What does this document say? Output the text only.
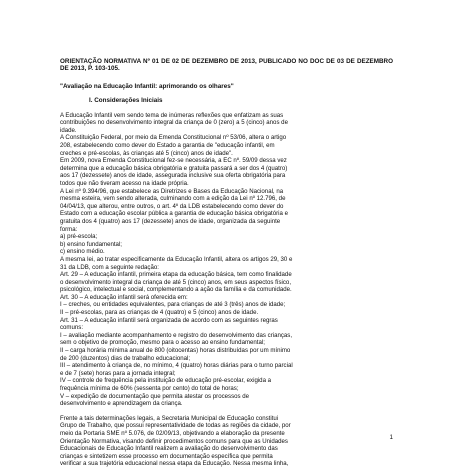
ORIENTAÇÃO NORMATIVA Nº 01 DE 02 DE DEZEMBRO DE 2013, PUBLICADO NO DOC DE 03 DE DEZEMBRO DE 2013, P. 103-105.
"Avaliação na Educação Infantil: aprimorando os olhares"
I. Considerações Iniciais
A Educação Infantil vem sendo tema de inúmeras reflexões que enfatizam as suas
contribuições no desenvolvimento integral da criança de 0 (zero) a 5 (cinco) anos de
idade.
A Constituição Federal, por meio da Emenda Constitucional nº 53/06, altera o artigo
208, estabelecendo como dever do Estado a garantia de "educação infantil, em
creches e pré-escolas, às crianças até 5 (cinco) anos de idade".
Em 2009, nova Emenda Constitucional fez-se necessária, a EC nº. 59/09 dessa vez
determina que a educação básica obrigatória e gratuita passará a ser dos 4 (quatro)
aos 17 (dezessete) anos de idade, assegurada inclusive sua oferta obrigatória para
todos que não tiveram acesso na idade própria.
A Lei nº 9.394/96, que estabelece as Diretrizes e Bases da Educação Nacional, na
mesma esteira, vem sendo alterada, culminando com a edição da Lei nº 12.796, de
04/04/13, que alterou, entre outros, o art. 4º da LDB estabelecendo como dever do
Estado com a educação escolar pública a garantia de educação básica obrigatória e
gratuita dos 4 (quatro) aos 17 (dezessete) anos de idade, organizada da seguinte
forma:
a) pré-escola;
b) ensino fundamental;
c) ensino médio.
A mesma lei, ao tratar especificamente da Educação Infantil, altera os artigos 29, 30 e
31 da LDB, com a seguinte redação:
Art. 29 – A educação infantil, primeira etapa da educação básica, tem como finalidade
o desenvolvimento integral da criança de até 5 (cinco) anos, em seus aspectos físico,
psicológico, intelectual e social, complementando a ação da família e da comunidade.
Art. 30 – A educação infantil será oferecida em:
I – creches, ou entidades equivalentes, para crianças de até 3 (três) anos de idade;
II – pré-escolas, para as crianças de 4 (quatro) e 5 (cinco) anos de idade.
Art. 31 – A educação infantil será organizada de acordo com as seguintes regras
comuns:
I – avaliação mediante acompanhamento e registro do desenvolvimento das crianças,
sem o objetivo de promoção, mesmo para o acesso ao ensino fundamental;
II – carga horária mínima anual de 800 (oitocentas) horas distribuídas por um mínimo
de 200 (duzentos) dias de trabalho educacional;
III – atendimento à criança de, no mínimo, 4 (quatro) horas diárias para o turno parcial
e de 7 (sete) horas para a jornada integral;
IV – controle de frequência pela instituição de educação pré-escolar, exigida a
frequência mínima de 60% (sessenta por cento) do total de horas;
V – expedição de documentação que permita atestar os processos de
desenvolvimento e aprendizagem da criança.
Frente a tais determinações legais, a Secretaria Municipal de Educação constitui
Grupo de Trabalho, que possui representatividade de todas as regiões da cidade, por
meio da Portaria SME nº 5.076, de 02/09/13, objetivando a elaboração da presente
Orientação Normativa, visando definir procedimentos comuns para que as Unidades
Educacionais de Educação Infantil realizem a avaliação do desenvolvimento das
crianças e sintetizem esse processo em documentação específica que permita
verificar a sua trajetória educacional nessa etapa da Educação. Nessa mesma linha,
1
